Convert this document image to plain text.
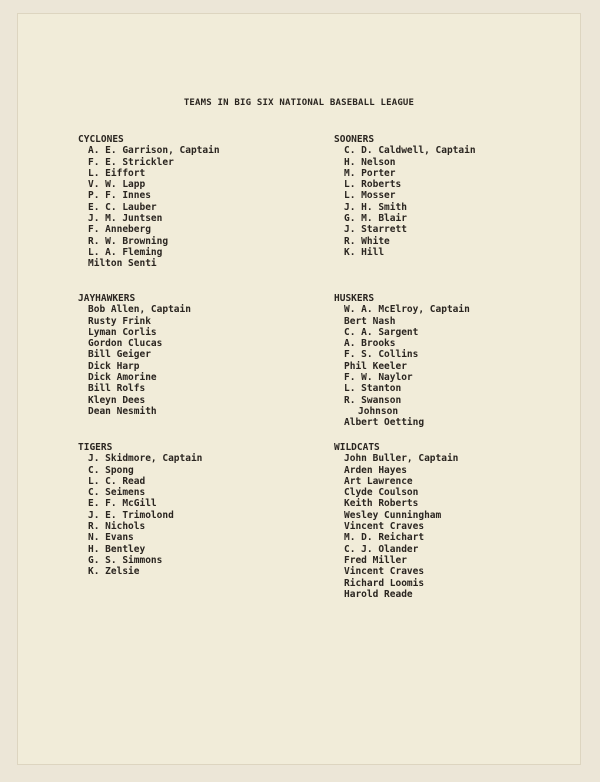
TEAMS IN BIG SIX NATIONAL BASEBALL LEAGUE
CYCLONES
A. E. Garrison, Captain
F. E. Strickler
L. Eiffort
V. W. Lapp
P. F. Innes
E. C. Lauber
J. M. Juntsen
F. Anneberg
R. W. Browning
L. A. Fleming
Milton Senti
SOONERS
C. D. Caldwell, Captain
H. Nelson
M. Porter
L. Roberts
L. Mosser
J. H. Smith
G. M. Blair
J. Starrett
R. White
K. Hill
JAYHAWKERS
Bob Allen, Captain
Rusty Frink
Lyman Corlis
Gordon Clucas
Bill Geiger
Dick Harp
Dick Amorine
Bill Rolfs
Kleyn Dees
Dean Nesmith
HUSKERS
W. A. McElroy, Captain
Bert Nash
C. A. Sargent
A. Brooks
F. S. Collins
Phil Keeler
F. W. Naylor
L. Stanton
R. Swanson
Johnson
Albert Oetting
TIGERS
J. Skidmore, Captain
C. Spong
L. C. Read
C. Seimens
E. F. McGill
J. E. Trimolond
R. Nichols
N. Evans
H. Bentley
G. S. Simmons
K. Zelsie
WILDCATS
John Buller, Captain
Arden Hayes
Art Lawrence
Clyde Coulson
Keith Roberts
Wesley Cunningham
Vincent Craves
M. D. Reichart
C. J. Olander
Fred Miller
Vincent Craves
Richard Loomis
Harold Reade
